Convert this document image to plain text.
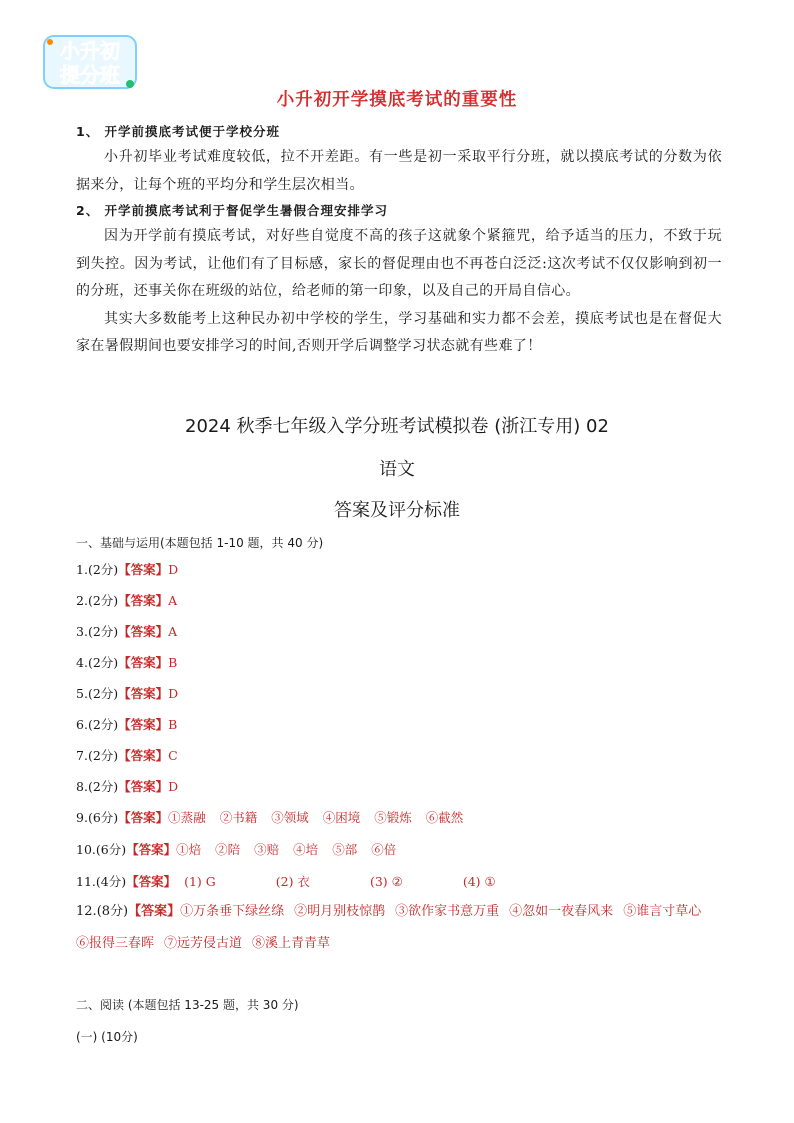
小升初
提分班
小升初开学摸底考试的重要性
1、 开学前摸底考试便于学校分班

小升初毕业考试难度较低，拉不开差距。有一些是初一采取平行分班，就以摸底考试的分数为依据来分，让每个班的平均分和学生层次相当。

2、 开学前摸底考试利于督促学生暑假合理安排学习

因为开学前有摸底考试，对好些自觉度不高的孩子这就象个紧箍咒，给予适当的压力，不致于玩到失控。因为考试，让他们有了目标感，家长的督促理由也不再苍白泛泛:这次考试不仅仅影响到初一的分班，还事关你在班级的站位，给老师的第一印象，以及自己的开局自信心。

其实大多数能考上这种民办初中学校的学生，学习基础和实力都不会差，摸底考试也是在督促大家在暑假期间也要安排学习的时间,否则开学后调整学习状态就有些难了！

2024 秋季七年级入学分班考试模拟卷 (浙江专用) 02
语文
答案及评分标准
一、基础与运用(本题包括 1-10 题，共 40 分)
1.(2分)【答案】D
2.(2分)【答案】A
3.(2分)【答案】A
4.(2分)【答案】B
5.(2分)【答案】D
6.(2分)【答案】B
7.(2分)【答案】C
8.(2分)【答案】D
9.(6分)【答案】①蒸融 ②书籍 ③领域 ④困境 ⑤锻炼 ⑥截然
10.(6分)【答案】①焙 ②陪 ③赔 ④培 ⑤部 ⑥倍
11.(4分)【答案】 (1) G	(2) 衣	(3) ②	(4) ①
12.(8分)【答案】①万条垂下绿丝绦 ②明月别枝惊鹊 ③欲作家书意万重 ④忽如一夜春风来 ⑤谁言寸草心⑥报得三春晖 ⑦远芳侵古道 ⑧溪上青青草
二、阅读 (本题包括 13-25 题，共 30 分)
(一) (10分)
